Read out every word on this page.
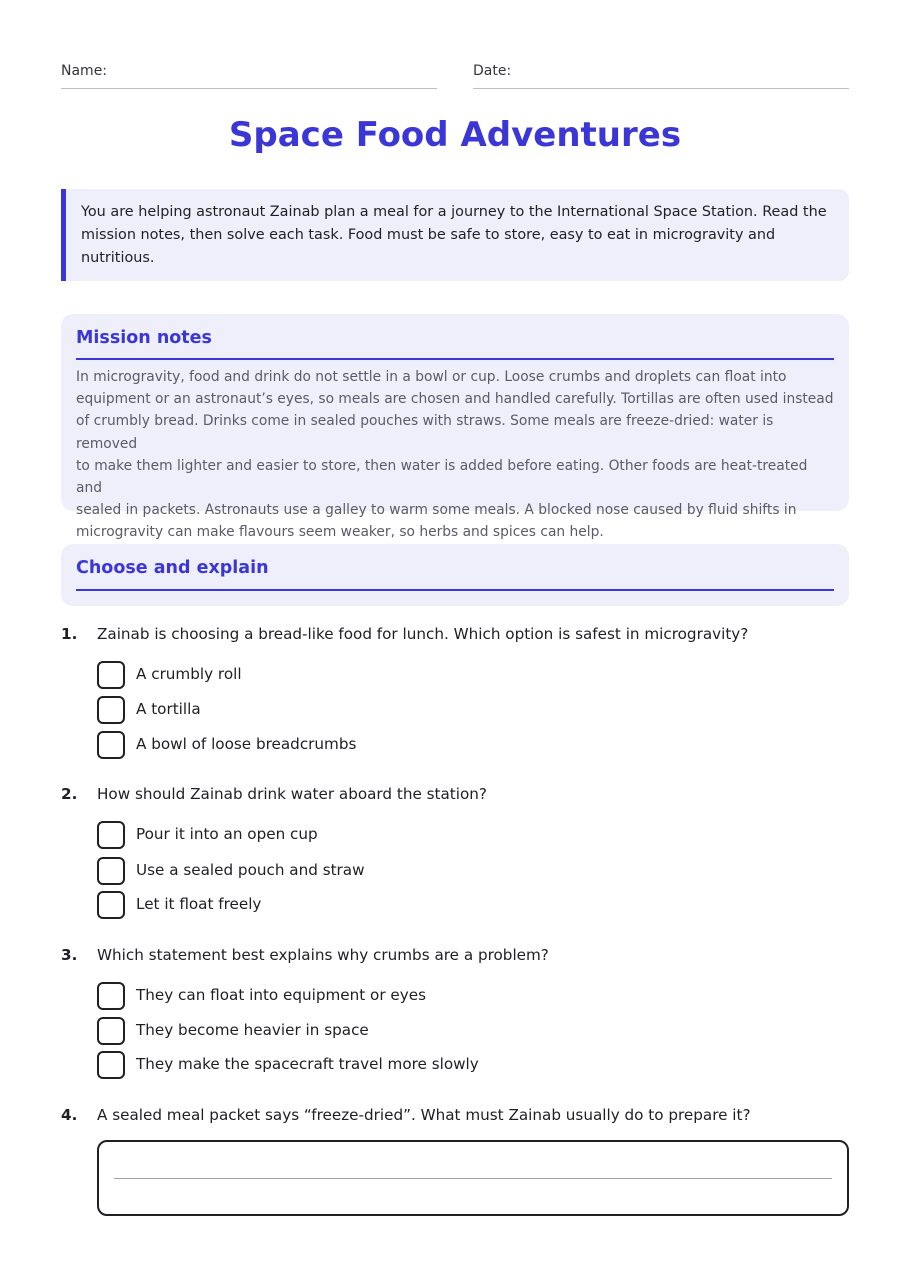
Name:	Date:
Space Food Adventures
You are helping astronaut Zainab plan a meal for a journey to the International Space Station. Read the mission notes, then solve each task. Food must be safe to store, easy to eat in microgravity and nutritious.
Mission notes
In microgravity, food and drink do not settle in a bowl or cup. Loose crumbs and droplets can float into
equipment or an astronaut’s eyes, so meals are chosen and handled carefully. Tortillas are often used instead
of crumbly bread. Drinks come in sealed pouches with straws. Some meals are freeze-dried: water is removed
to make them lighter and easier to store, then water is added before eating. Other foods are heat-treated and
sealed in packets. Astronauts use a galley to warm some meals. A blocked nose caused by fluid shifts in
microgravity can make flavours seem weaker, so herbs and spices can help.
Choose and explain
1. Zainab is choosing a bread-like food for lunch. Which option is safest in microgravity?
A crumbly roll
A tortilla
A bowl of loose breadcrumbs
2. How should Zainab drink water aboard the station?
Pour it into an open cup
Use a sealed pouch and straw
Let it float freely
3. Which statement best explains why crumbs are a problem?
They can float into equipment or eyes
They become heavier in space
They make the spacecraft travel more slowly
4. A sealed meal packet says “freeze-dried”. What must Zainab usually do to prepare it?
